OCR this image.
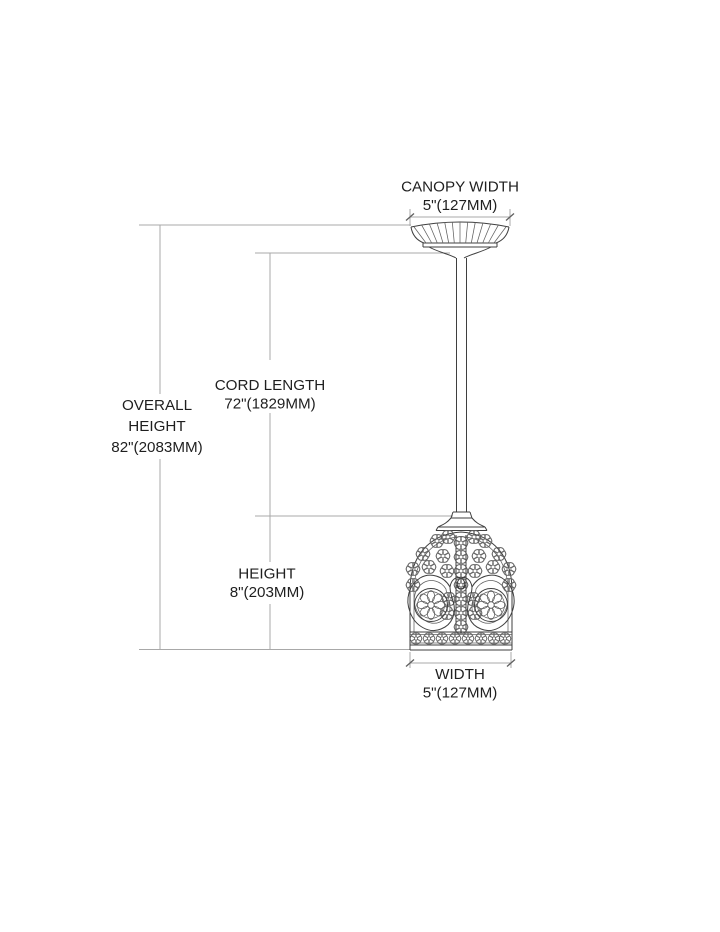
CANOPY WIDTH
5"(127MM)
CORD LENGTH
72"(1829MM)
OVERALL
HEIGHT
82"(2083MM)
HEIGHT
8"(203MM)
WIDTH
5"(127MM)
